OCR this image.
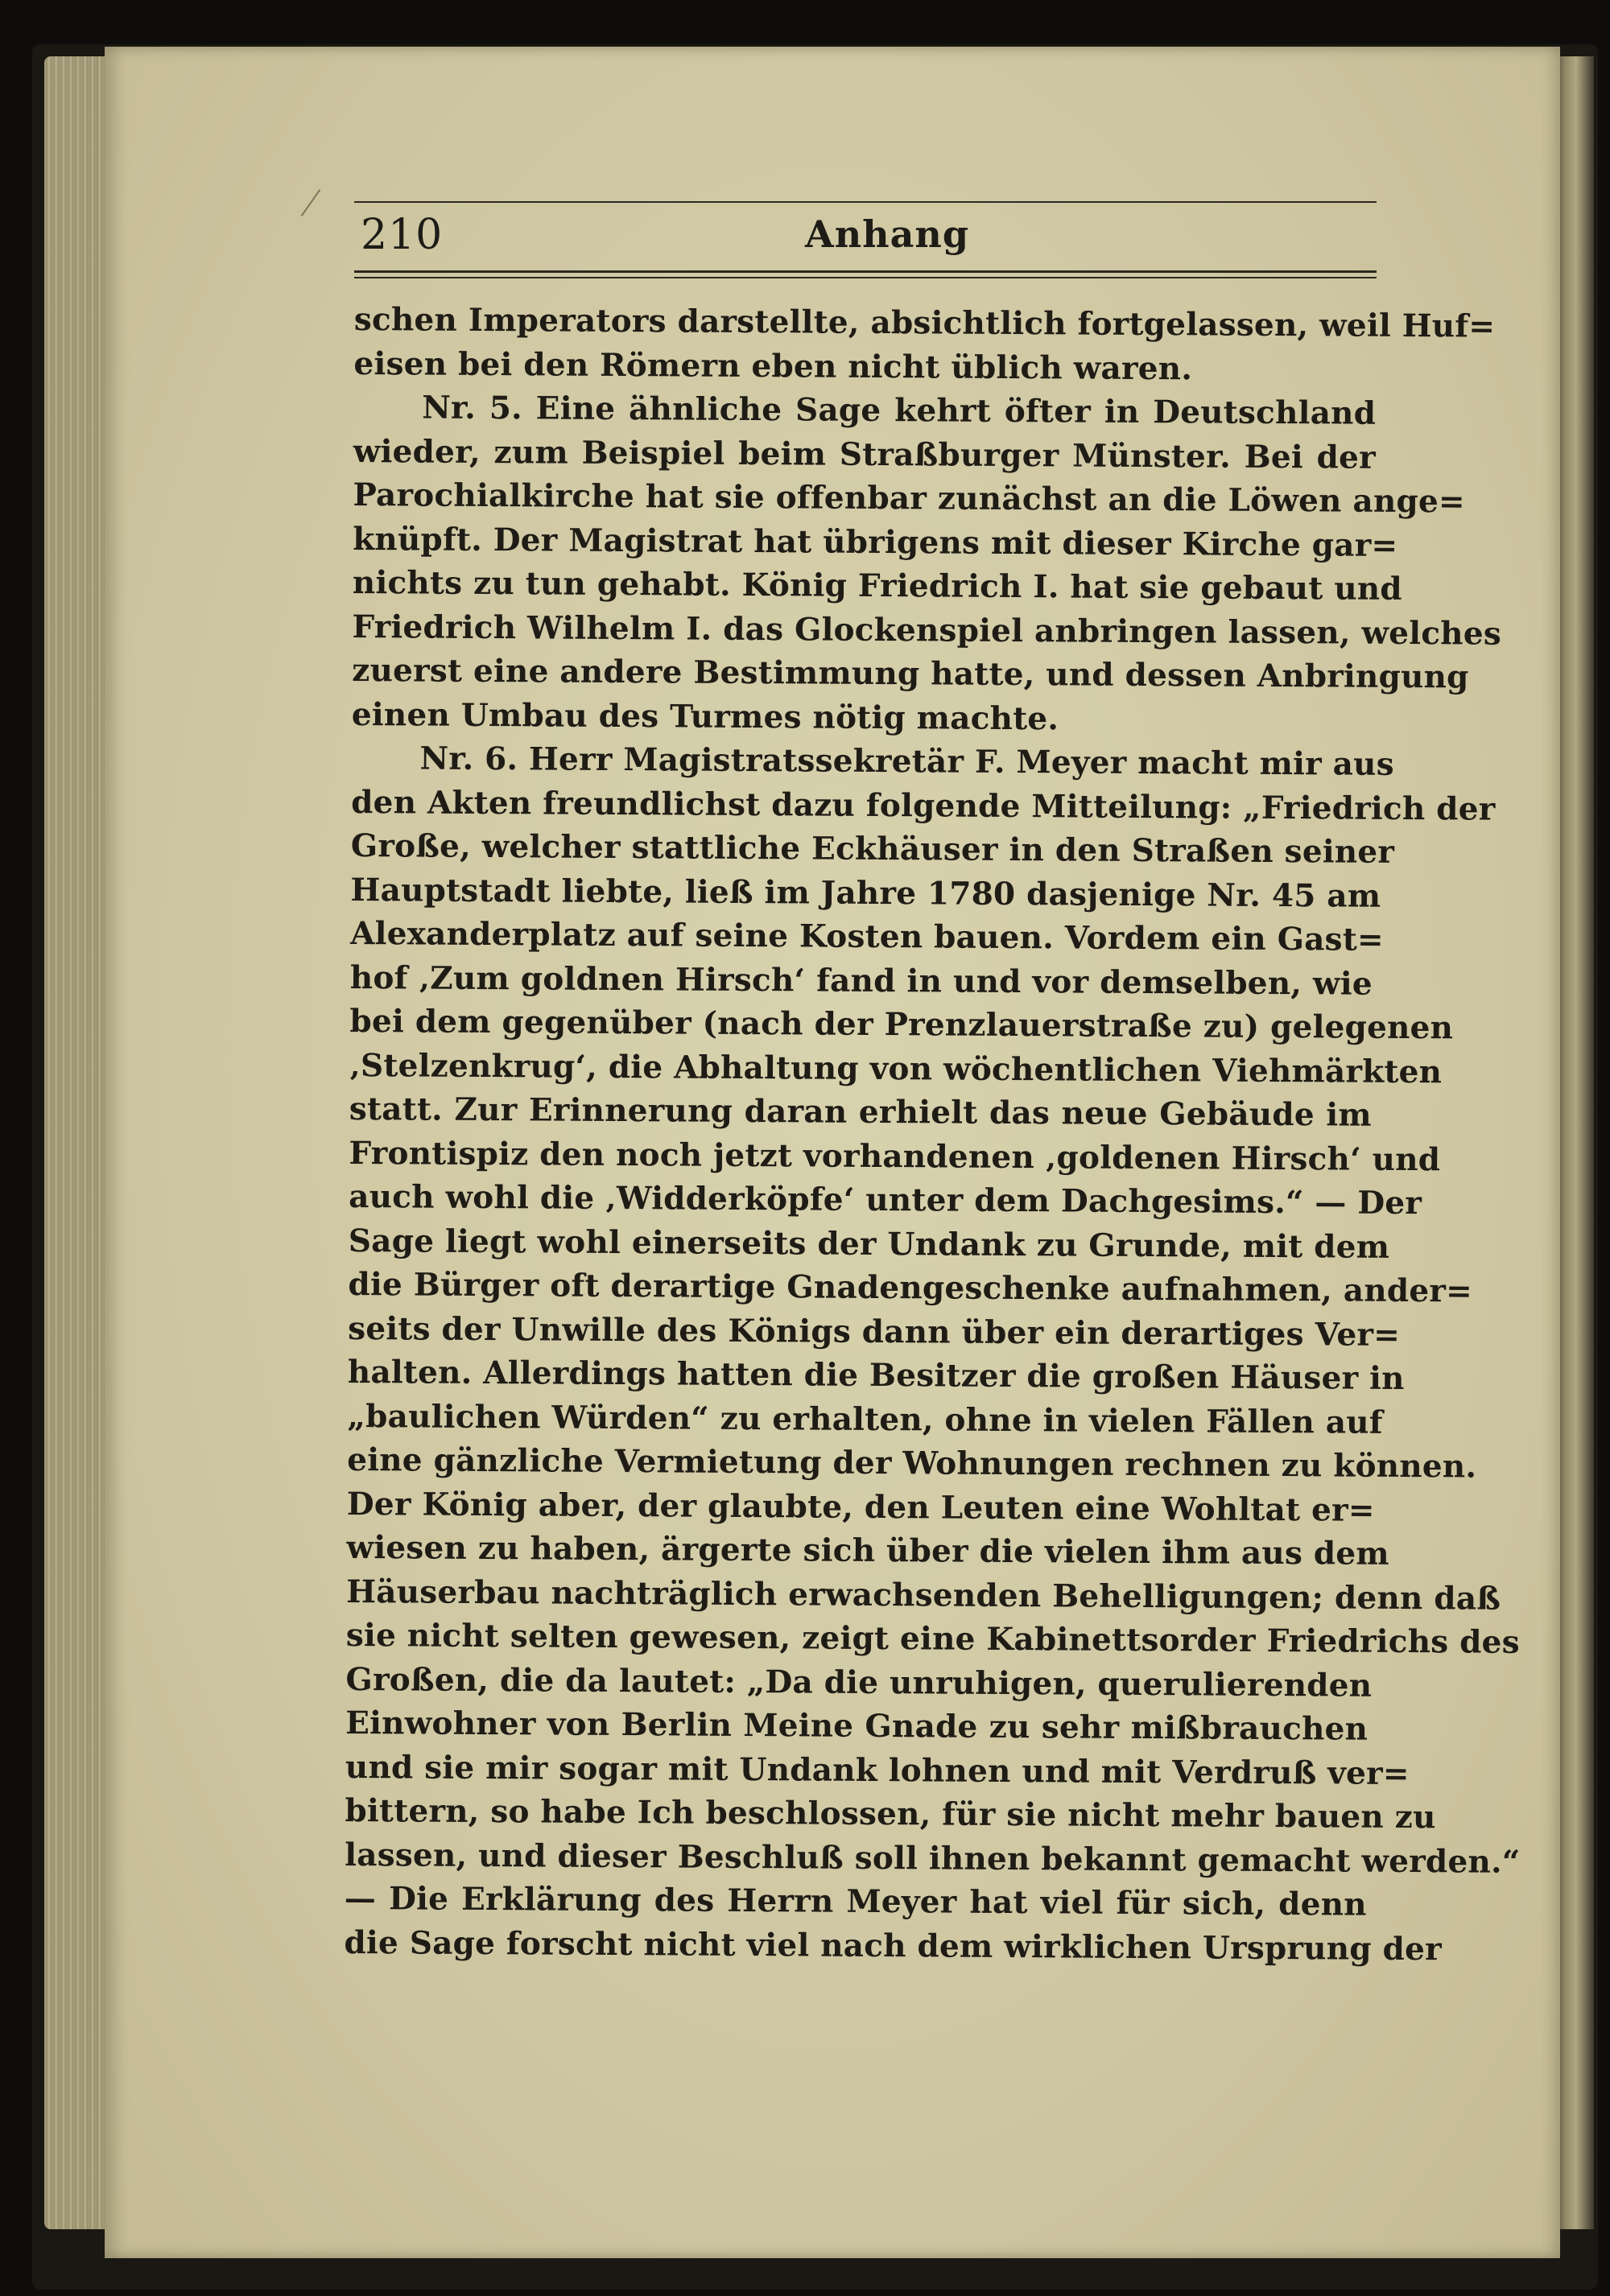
210	Anhang
schen Imperators darstellte, absichtlich fortgelassen, weil Huf=
eisen bei den Römern eben nicht üblich waren.
Nr. 5. Eine ähnliche Sage kehrt öfter in Deutschland
wieder, zum Beispiel beim Straßburger Münster. Bei der
Parochialkirche hat sie offenbar zunächst an die Löwen ange=
knüpft. Der Magistrat hat übrigens mit dieser Kirche gar=
nichts zu tun gehabt. König Friedrich I. hat sie gebaut und
Friedrich Wilhelm I. das Glockenspiel anbringen lassen, welches
zuerst eine andere Bestimmung hatte, und dessen Anbringung
einen Umbau des Turmes nötig machte.
Nr. 6. Herr Magistratssekretär F. Meyer macht mir aus
den Akten freundlichst dazu folgende Mitteilung: „Friedrich der
Große, welcher stattliche Eckhäuser in den Straßen seiner
Hauptstadt liebte, ließ im Jahre 1780 dasjenige Nr. 45 am
Alexanderplatz auf seine Kosten bauen. Vordem ein Gast=
hof ‚Zum goldnen Hirsch‘ fand in und vor demselben, wie
bei dem gegenüber (nach der Prenzlauerstraße zu) gelegenen
‚Stelzenkrug‘, die Abhaltung von wöchentlichen Viehmärkten
statt. Zur Erinnerung daran erhielt das neue Gebäude im
Frontispiz den noch jetzt vorhandenen ‚goldenen Hirsch‘ und
auch wohl die ‚Widderköpfe‘ unter dem Dachgesims.“ — Der
Sage liegt wohl einerseits der Undank zu Grunde, mit dem
die Bürger oft derartige Gnadengeschenke aufnahmen, ander=
seits der Unwille des Königs dann über ein derartiges Ver=
halten. Allerdings hatten die Besitzer die großen Häuser in
„baulichen Würden“ zu erhalten, ohne in vielen Fällen auf
eine gänzliche Vermietung der Wohnungen rechnen zu können.
Der König aber, der glaubte, den Leuten eine Wohltat er=
wiesen zu haben, ärgerte sich über die vielen ihm aus dem
Häuserbau nachträglich erwachsenden Behelligungen; denn daß
sie nicht selten gewesen, zeigt eine Kabinettsorder Friedrichs des
Großen, die da lautet: „Da die unruhigen, querulierenden
Einwohner von Berlin Meine Gnade zu sehr mißbrauchen
und sie mir sogar mit Undank lohnen und mit Verdruß ver=
bittern, so habe Ich beschlossen, für sie nicht mehr bauen zu
lassen, und dieser Beschluß soll ihnen bekannt gemacht werden.“
— Die Erklärung des Herrn Meyer hat viel für sich, denn
die Sage forscht nicht viel nach dem wirklichen Ursprung der
